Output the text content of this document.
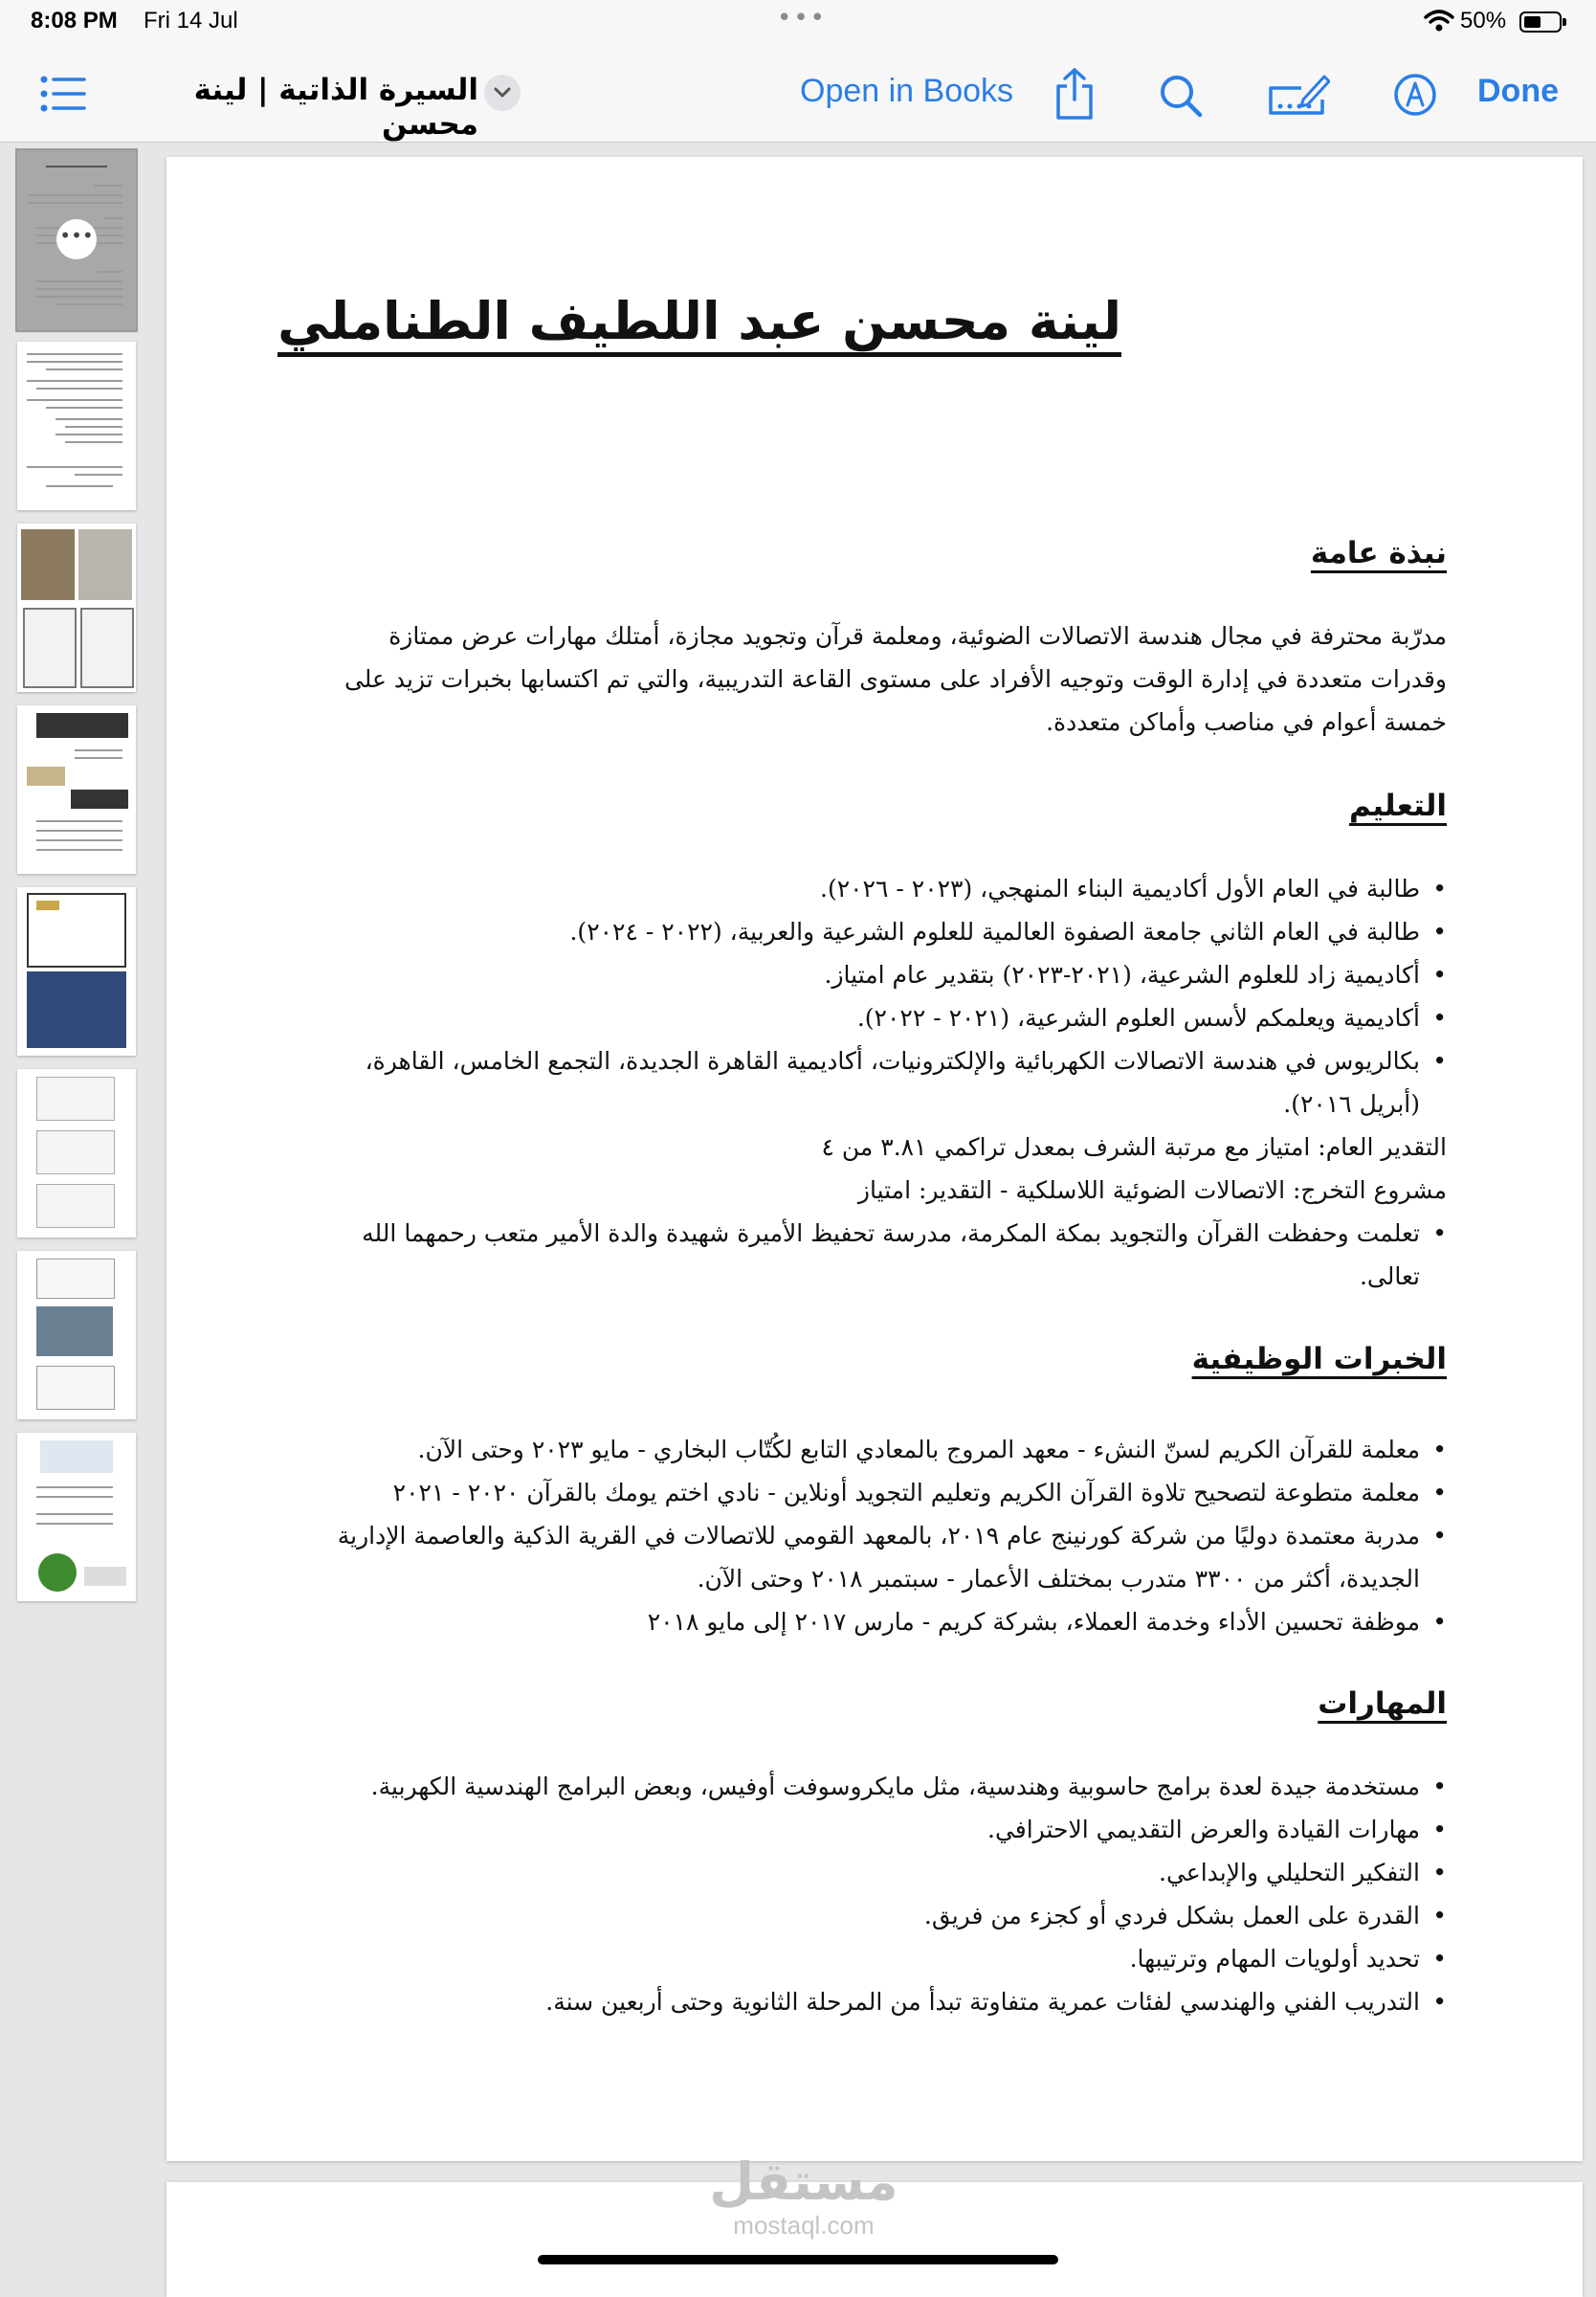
8:08 PM Fri 14 Jul	•••	50%
السيرة الذاتية | لينة محسن
Open in Books	Done
•••
لينة محسن عبد اللطيف الطناملي
نبذة عامة
مدرّبة محترفة في مجال هندسة الاتصالات الضوئية، ومعلمة قرآن وتجويد مجازة، أمتلك مهارات عرض ممتازة وقدرات متعددة في إدارة الوقت وتوجيه الأفراد على مستوى القاعة التدريبية، والتي تم اكتسابها بخبرات تزيد على خمسة أعوام في مناصب وأماكن متعددة.
التعليم
• طالبة في العام الأول أكاديمية البناء المنهجي، (٢٠٢٣ - ٢٠٢٦).
• طالبة في العام الثاني جامعة الصفوة العالمية للعلوم الشرعية والعربية، (٢٠٢٢ - ٢٠٢٤).
• أكاديمية زاد للعلوم الشرعية، (٢٠٢١-٢٠٢٣) بتقدير عام امتياز.
• أكاديمية ويعلمكم لأسس العلوم الشرعية، (٢٠٢١ - ٢٠٢٢).
• بكالريوس في هندسة الاتصالات الكهربائية والإلكترونيات، أكاديمية القاهرة الجديدة، التجمع الخامس، القاهرة، (أبريل ٢٠١٦).
التقدير العام: امتياز مع مرتبة الشرف بمعدل تراكمي ٣.٨١ من ٤
مشروع التخرج: الاتصالات الضوئية اللاسلكية - التقدير: امتياز
• تعلمت وحفظت القرآن والتجويد بمكة المكرمة، مدرسة تحفيظ الأميرة شهيدة والدة الأمير متعب رحمهما الله تعالى.
الخبرات الوظيفية
• معلمة للقرآن الكريم لسنّ النشء - معهد المروج بالمعادي التابع لكُتّاب البخاري - مايو ٢٠٢٣ وحتى الآن.
• معلمة متطوعة لتصحيح تلاوة القرآن الكريم وتعليم التجويد أونلاين - نادي اختم يومك بالقرآن ٢٠٢٠ - ٢٠٢١
• مدربة معتمدة دوليًا من شركة كورنينج عام ٢٠١٩، بالمعهد القومي للاتصالات في القرية الذكية والعاصمة الإدارية الجديدة، أكثر من ٣٣٠٠ متدرب بمختلف الأعمار - سبتمبر ٢٠١٨ وحتى الآن.
• موظفة تحسين الأداء وخدمة العملاء، بشركة كريم - مارس ٢٠١٧ إلى مايو ٢٠١٨
المهارات
• مستخدمة جيدة لعدة برامج حاسوبية وهندسية، مثل مايكروسوفت أوفيس، وبعض البرامج الهندسية الكهربية.
• مهارات القيادة والعرض التقديمي الاحترافي.
• التفكير التحليلي والإبداعي.
• القدرة على العمل بشكل فردي أو كجزء من فريق.
• تحديد أولويات المهام وترتيبها.
• التدريب الفني والهندسي لفئات عمرية متفاوتة تبدأ من المرحلة الثانوية وحتى أربعين سنة.
مستقل
mostaql.com
